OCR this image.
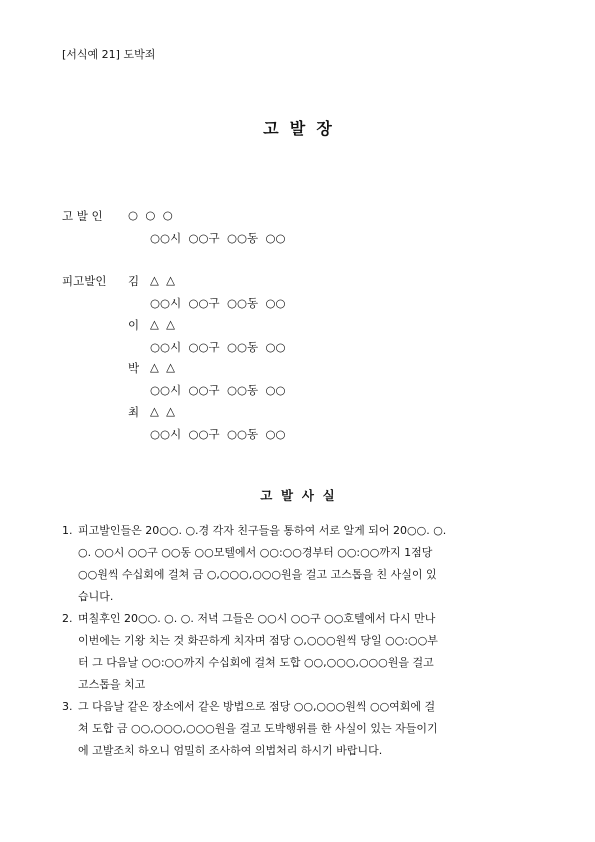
[서식예 21] 도박죄
고  발  장
고 발 인 ○  ○  ○
○○시  ○○구  ○○동  ○○
피고발인 김 △  △
○○시  ○○구  ○○동  ○○
이 △  △
○○시  ○○구  ○○동  ○○
박 △  △
○○시  ○○구  ○○동  ○○
최 △  △
○○시  ○○구  ○○동  ○○
고  발  사  실
1. 피고발인들은 20○○. ○.경 각자 친구들을 통하여 서로 알게 되어 20○○. ○.
○. ○○시 ○○구 ○○동 ○○모텔에서 ○○:○○경부터 ○○:○○까지 1점당
○○원씩 수십회에 걸쳐 금 ○,○○○,○○○원을 걸고 고스톱을 친 사실이 있
습니다.
2. 며칠후인 20○○. ○. ○. 저녁 그들은 ○○시 ○○구 ○○호텔에서 다시 만나
이번에는 기왕 치는 것 화끈하게 치자며 점당 ○,○○○원씩 당일 ○○:○○부
터 그 다음날 ○○:○○까지 수십회에 걸쳐 도합 ○○,○○○,○○○원을 걸고
고스톱을 치고
3. 그 다음날 같은 장소에서 같은 방법으로 점당 ○○,○○○원씩 ○○여회에 걸
쳐 도합 금 ○○,○○○,○○○원을 걸고 도박행위를 한 사실이 있는 자들이기
에 고발조치 하오니 엄밀히 조사하여 의법처리 하시기 바랍니다.
